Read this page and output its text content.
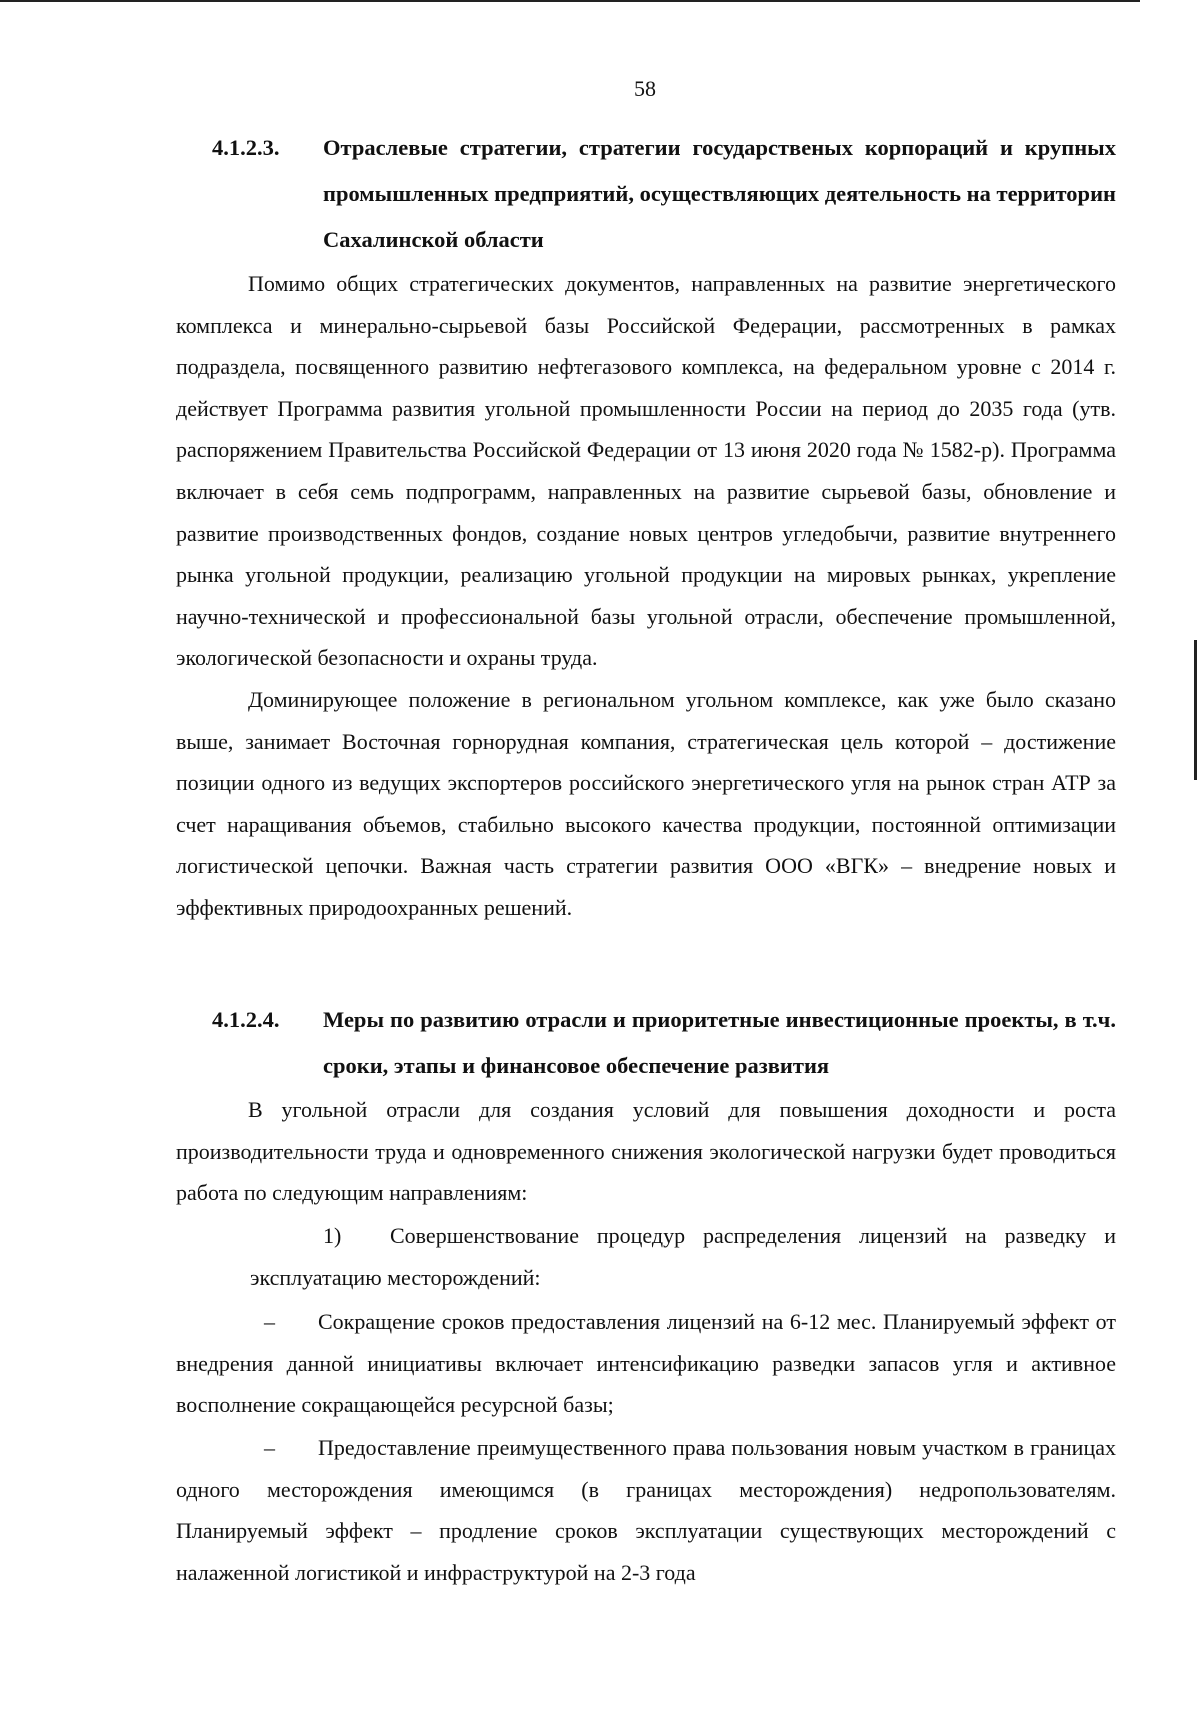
58
4.1.2.3. Отраслевые стратегии, стратегии государственых корпораций и крупных промышленных предприятий, осуществляющих деятельность на территорин Сахалинской области

Помимо общих стратегических документов, направленных на развитие энергетического комплекса и минерально-сырьевой базы Российской Федерации, рассмотренных в рамках подраздела, посвященного развитию нефтегазового комплекса, на федеральном уровне с 2014 г. действует Программа развития угольной промышленности России на период до 2035 года (утв. распоряжением Правительства Российской Федерации от 13 июня 2020 года № 1582-р). Программа включает в себя семь подпрограмм, направленных на развитие сырьевой базы, обновление и развитие производственных фондов, создание новых центров угледобычи, развитие внутреннего рынка угольной продукции, реализацию угольной продукции на мировых рынках, укрепление научно-технической и профессиональной базы угольной отрасли, обеспечение промышленной, экологической безопасности и охраны труда.

Доминирующее положение в региональном угольном комплексе, как уже было сказано выше, занимает Восточная горнорудная компания, стратегическая цель которой – достижение позиции одного из ведущих экспортеров российского энергетического угля на рынок стран АТР за счет наращивания объемов, стабильно высокого качества продукции, постоянной оптимизации логистической цепочки. Важная часть стратегии развития ООО «ВГК» – внедрение новых и эффективных природоохранных решений.

4.1.2.4. Меры по развитию отрасли и приоритетные инвестиционные проекты, в т.ч. сроки, этапы и финансовое обеспечение развития

В угольной отрасли для создания условий для повышения доходности и роста производительности труда и одновременного снижения экологической нагрузки будет проводиться работа по следующим направлениям:

1)	Совершенствование процедур распределения лицензий на разведку и эксплуатацию месторождений:

– Сокращение сроков предоставления лицензий на 6-12 мес. Планируемый эффект от внедрения данной инициативы включает интенсификацию разведки запасов угля и активное восполнение сокращающейся ресурсной базы;

– Предоставление преимущественного права пользования новым участком в границах одного месторождения имеющимся (в границах месторождения) недропользователям. Планируемый эффект – продление сроков эксплуатации существующих месторождений с налаженной логистикой и инфраструктурой на 2-3 года
